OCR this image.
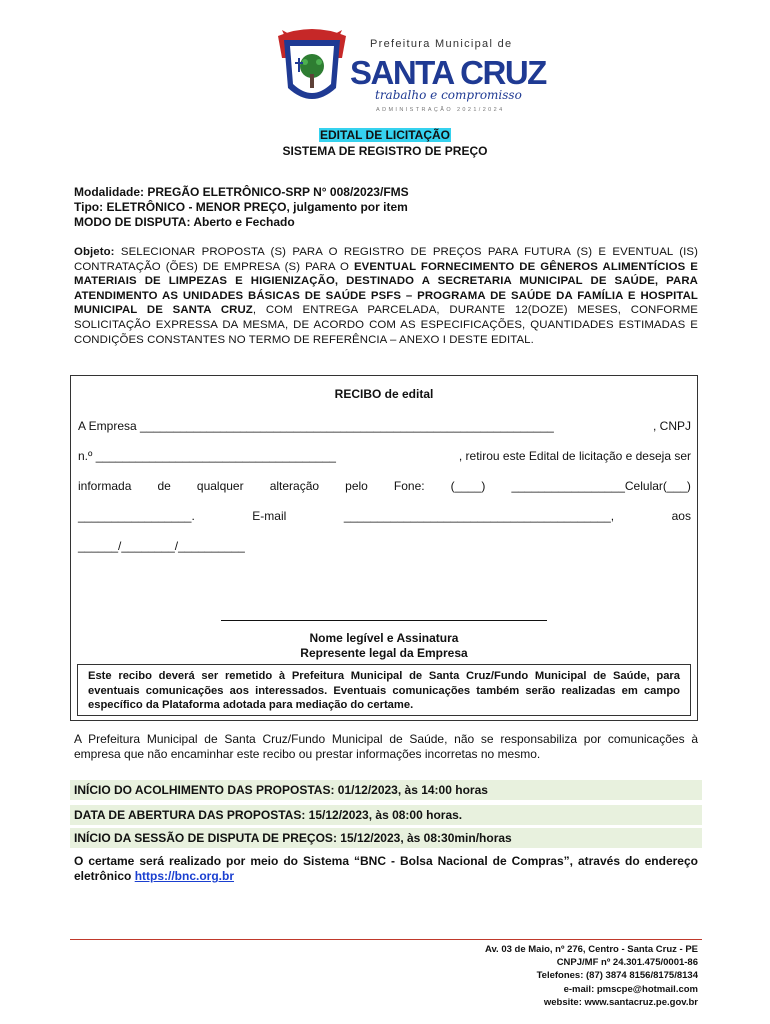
Prefeitura Municipal de
SANTA CRUZ
trabalho e compromisso
ADMINISTRAÇÃO 2021/2024
EDITAL DE LICITAÇÃO
SISTEMA DE REGISTRO DE PREÇO
Modalidade: PREGÃO ELETRÔNICO-SRP N° 008/2023/FMS
Tipo: ELETRÔNICO - MENOR PREÇO, julgamento por item
MODO DE DISPUTA: Aberto e Fechado
Objeto: SELECIONAR PROPOSTA (S) PARA O REGISTRO DE PREÇOS PARA FUTURA (S) E EVENTUAL (IS) CONTRATAÇÃO (ÕES) DE EMPRESA (S) PARA O EVENTUAL FORNECIMENTO DE GÊNEROS ALIMENTÍCIOS E MATERIAIS DE LIMPEZAS E HIGIENIZAÇÃO, DESTINADO A SECRETARIA MUNICIPAL DE SAÚDE, PARA ATENDIMENTO AS UNIDADES BÁSICAS DE SAÚDE PSFS – PROGRAMA DE SAÚDE DA FAMÍLIA E HOSPITAL MUNICIPAL DE SANTA CRUZ, COM ENTREGA PARCELADA, DURANTE 12(DOZE) MESES, CONFORME SOLICITAÇÃO EXPRESSA DA MESMA, DE ACORDO COM AS ESPECIFICAÇÕES, QUANTIDADES ESTIMADAS E CONDIÇÕES CONSTANTES NO TERMO DE REFERÊNCIA – ANEXO I DESTE EDITAL.
RECIBO de edital
A Empresa ______________________________________________________________	, CNPJ
n.º ____________________________________	, retirou este Edital de licitação e deseja ser
informada de qualquer alteração pelo Fone: (____) _________________Celular(___)
_________________.	E-mail	________________________________________,	aos
______/________/__________
Nome legível e Assinatura
Represente legal da Empresa

Este recibo deverá ser remetido à Prefeitura Municipal de Santa Cruz/Fundo Municipal de Saúde, para eventuais comunicações aos interessados. Eventuais comunicações também serão realizadas em campo específico da Plataforma adotada para mediação do certame.

A Prefeitura Municipal de Santa Cruz/Fundo Municipal de Saúde, não se responsabiliza por comunicações à empresa que não encaminhar este recibo ou prestar informações incorretas no mesmo.
INÍCIO DO ACOLHIMENTO DAS PROPOSTAS: 01/12/2023, às 14:00 horas
DATA DE ABERTURA DAS PROPOSTAS: 15/12/2023, às 08:00 horas.
INÍCIO DA SESSÃO DE DISPUTA DE PREÇOS: 15/12/2023, às 08:30min/horas
O certame será realizado por meio do Sistema “BNC - Bolsa Nacional de Compras”, através do endereço eletrônico https://bnc.org.br
Av. 03 de Maio, nº 276, Centro - Santa Cruz - PE
CNPJ/MF nº 24.301.475/0001-86
Telefones: (87) 3874 8156/8175/8134
e-mail: pmscpe@hotmail.com
website: www.santacruz.pe.gov.br
